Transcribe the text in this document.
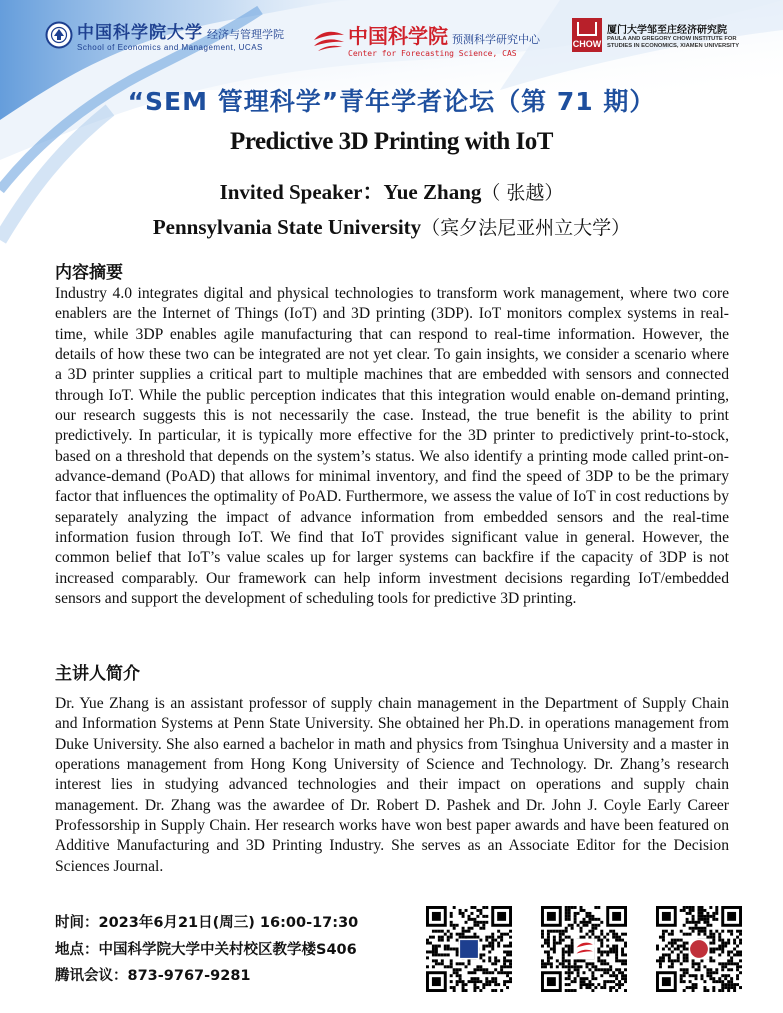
中国科学院大学 经济与管理学院
School of Economics and Management, UCAS	中国科学院 预测科学研究中心
Center for Forecasting Science, CAS
CHOW
厦门大学邹至庄经济研究院
PAULA AND GREGORY CHOW INSTITUTE FOR
STUDIES IN ECONOMICS, XIAMEN UNIVERSITY
“SEM 管理科学”青年学者论坛（第 71 期）
Predictive 3D Printing with IoT
Invited Speaker：Yue Zhang（ 张越）
Pennsylvania State University（宾夕法尼亚州立大学）
内容摘要
Industry 4.0 integrates digital and physical technologies to transform work management, where two core enablers are the Internet of Things (IoT) and 3D printing (3DP). IoT monitors complex systems in real-time, while 3DP enables agile manufacturing that can respond to real-time information. However, the details of how these two can be integrated are not yet clear. To gain insights, we consider a scenario where a 3D printer supplies a critical part to multiple machines that are embedded with sensors and connected through IoT. While the public perception indicates that this integration would enable on-demand printing, our research suggests this is not necessarily the case. Instead, the true benefit is the ability to print predictively. In particular, it is typically more effective for the 3D printer to predictively print-to-stock, based on a threshold that depends on the system’s status. We also identify a printing mode called print-on-advance-demand (PoAD) that allows for minimal inventory, and find the speed of 3DP to be the primary factor that influences the optimality of PoAD. Furthermore, we assess the value of IoT in cost reductions by separately analyzing the impact of advance information from embedded sensors and the real-time information fusion through IoT. We find that IoT provides significant value in general. However, the common belief that IoT’s value scales up for larger systems can backfire if the capacity of 3DP is not increased comparably. Our framework can help inform investment decisions regarding IoT/embedded sensors and support the development of scheduling tools for predictive 3D printing.
主讲人简介
Dr. Yue Zhang is an assistant professor of supply chain management in the Department of Supply Chain and Information Systems at Penn State University. She obtained her Ph.D. in operations management from Duke University. She also earned a bachelor in math and physics from Tsinghua University and a master in operations management from Hong Kong University of Science and Technology. Dr. Zhang’s research interest lies in studying advanced technologies and their impact on operations and supply chain management. Dr. Zhang was the awardee of Dr. Robert D. Pashek and Dr. John J. Coyle Early Career Professorship in Supply Chain. Her research works have won best paper awards and have been featured on Additive Manufacturing and 3D Printing Industry. She serves as an Associate Editor for the Decision Sciences Journal.
时间：2023年6月21日(周三) 16:00-17:30
地点：中国科学院大学中关村校区教学楼S406
腾讯会议：873-9767-9281
